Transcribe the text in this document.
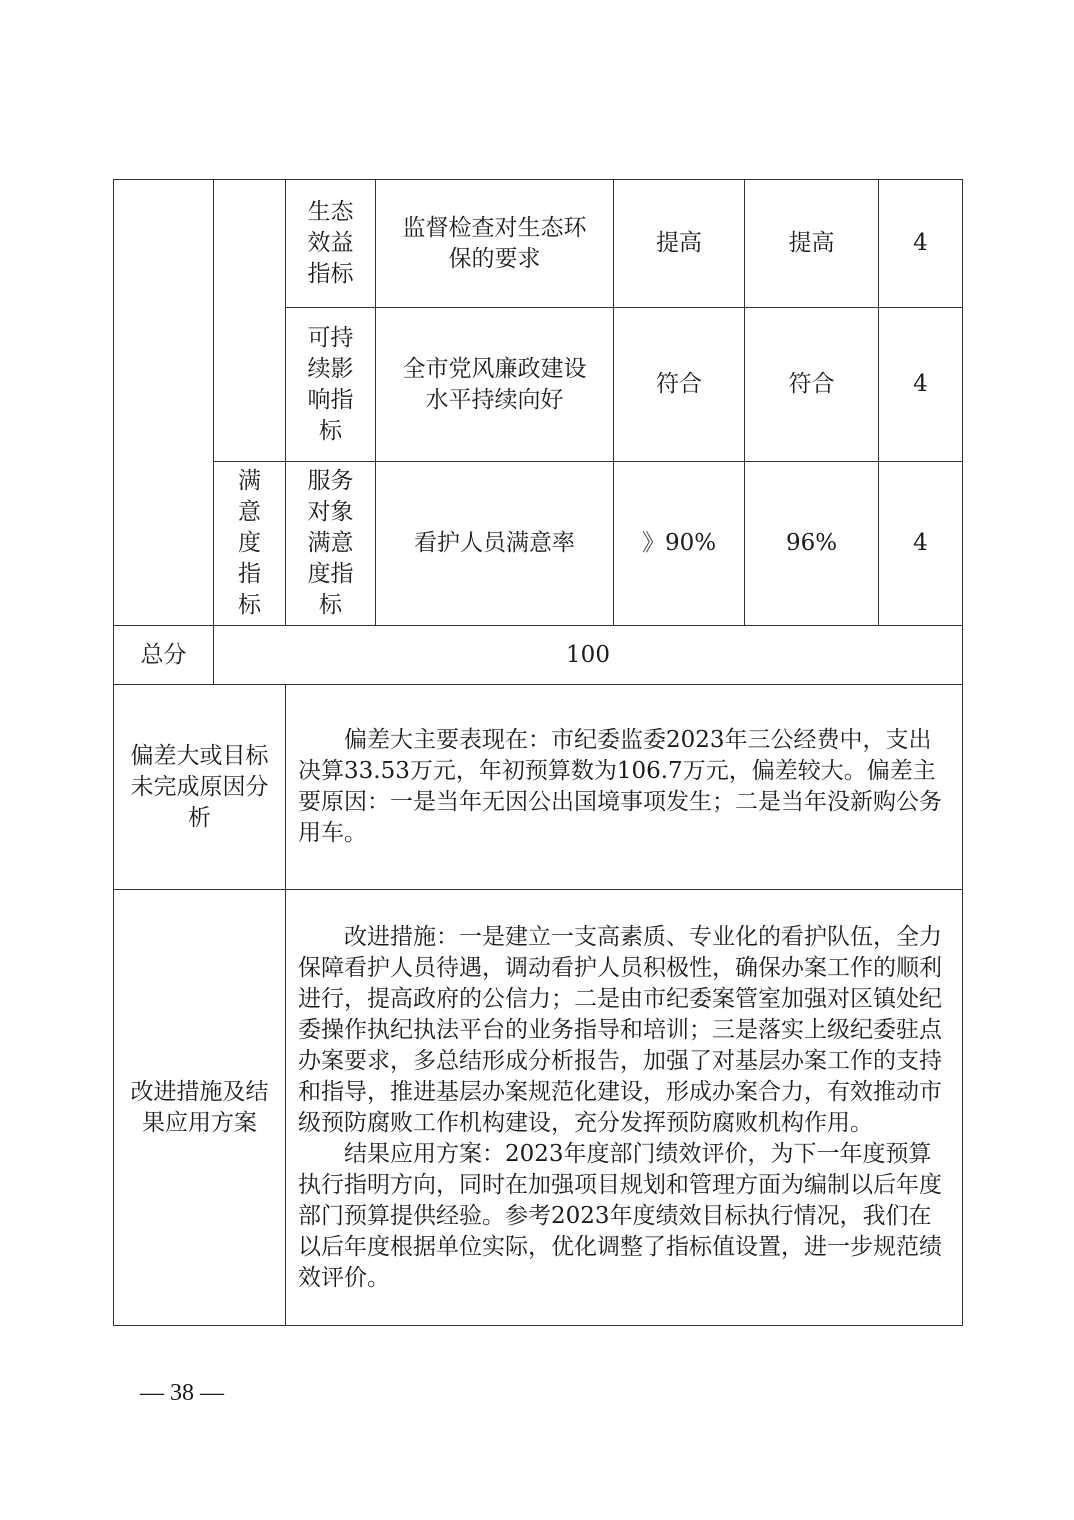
		生态效益指标	监督检查对生态环保的要求	提高	提高	4
		可持续影响指标	全市党风廉政建设水平持续向好	符合	符合	4
	满意度指标	服务对象满意度指标	看护人员满意率	》90%	96%	4
总分	100					
偏差大或目标未完成原因分析		偏差大主要表现在：市纪委监委2023年三公经费中，支出决算33.53万元，年初预算数为106.7万元，偏差较大。偏差主要原因：一是当年无因公出国境事项发生；二是当年没新购公务用车。				

改进措施及结果应用方案		改进措施：一是建立一支高素质、专业化的看护队伍，全力保障看护人员待遇，调动看护人员积极性，确保办案工作的顺利进行，提高政府的公信力；二是由市纪委案管室加强对区镇处纪委操作执纪执法平台的业务指导和培训；三是落实上级纪委驻点办案要求，多总结形成分析报告，加强了对基层办案工作的支持和指导，推进基层办案规范化建设，形成办案合力，有效推动市级预防腐败工作机构建设，充分发挥预防腐败机构作用。

结果应用方案：2023年度部门绩效评价，为下一年度预算执行指明方向，同时在加强项目规划和管理方面为编制以后年度部门预算提供经验。参考2023年度绩效目标执行情况，我们在以后年度根据单位实际，优化调整了指标值设置，进一步规范绩效评价。				

— 38 —
